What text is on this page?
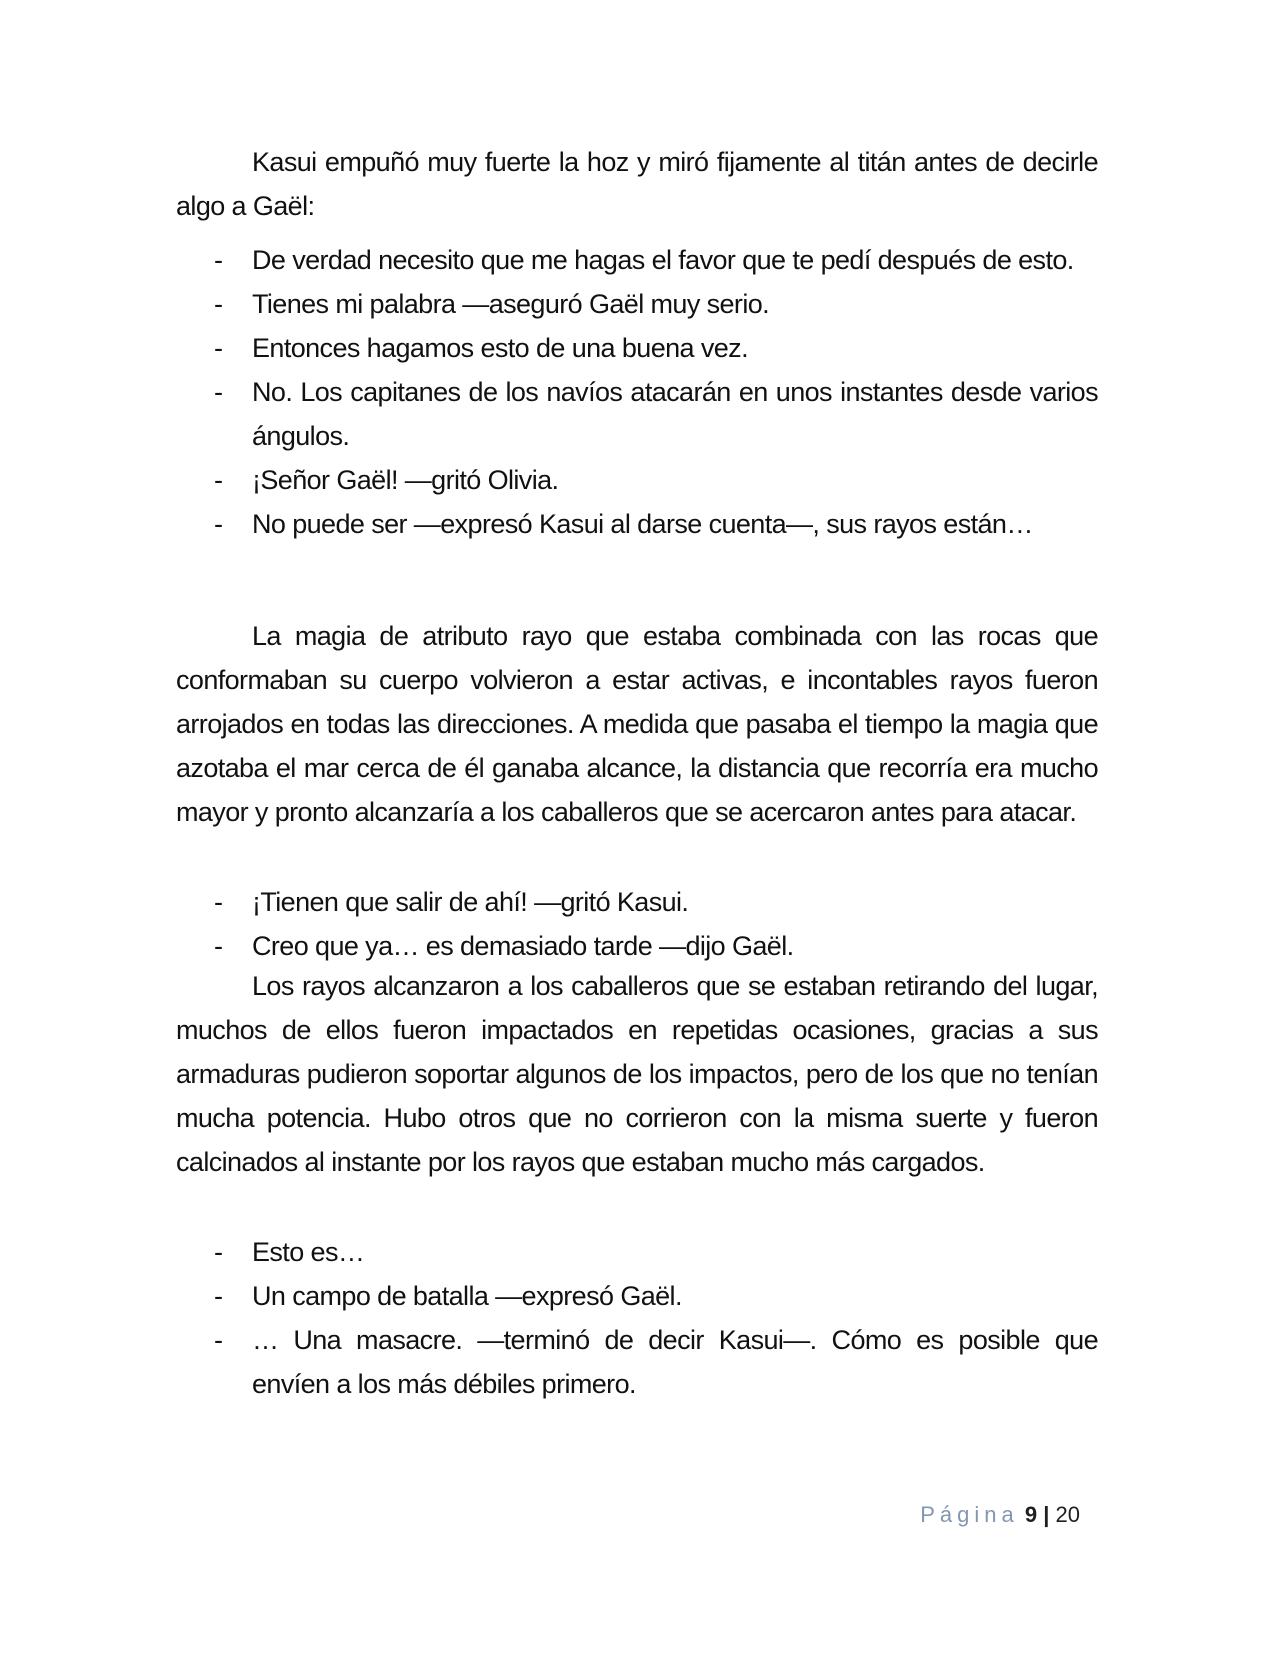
Kasui empuñó muy fuerte la hoz y miró fijamente al titán antes de decirle algo a Gaël:

- De verdad necesito que me hagas el favor que te pedí después de esto.
- Tienes mi palabra —aseguró Gaël muy serio.
- Entonces hagamos esto de una buena vez.
- No. Los capitanes de los navíos atacarán en unos instantes desde varios ángulos.
- ¡Señor Gaël! —gritó Olivia.
- No puede ser —expresó Kasui al darse cuenta—, sus rayos están…

La magia de atributo rayo que estaba combinada con las rocas que conformaban su cuerpo volvieron a estar activas, e incontables rayos fueron arrojados en todas las direcciones. A medida que pasaba el tiempo la magia que azotaba el mar cerca de él ganaba alcance, la distancia que recorría era mucho mayor y pronto alcanzaría a los caballeros que se acercaron antes para atacar.

- ¡Tienen que salir de ahí! —gritó Kasui.
- Creo que ya… es demasiado tarde —dijo Gaël.

Los rayos alcanzaron a los caballeros que se estaban retirando del lugar, muchos de ellos fueron impactados en repetidas ocasiones, gracias a sus armaduras pudieron soportar algunos de los impactos, pero de los que no tenían mucha potencia. Hubo otros que no corrieron con la misma suerte y fueron calcinados al instante por los rayos que estaban mucho más cargados.

- Esto es…
- Un campo de batalla —expresó Gaël.
- … Una masacre. —terminó de decir Kasui—. Cómo es posible que envíen a los más débiles primero.
Página 9 | 20
